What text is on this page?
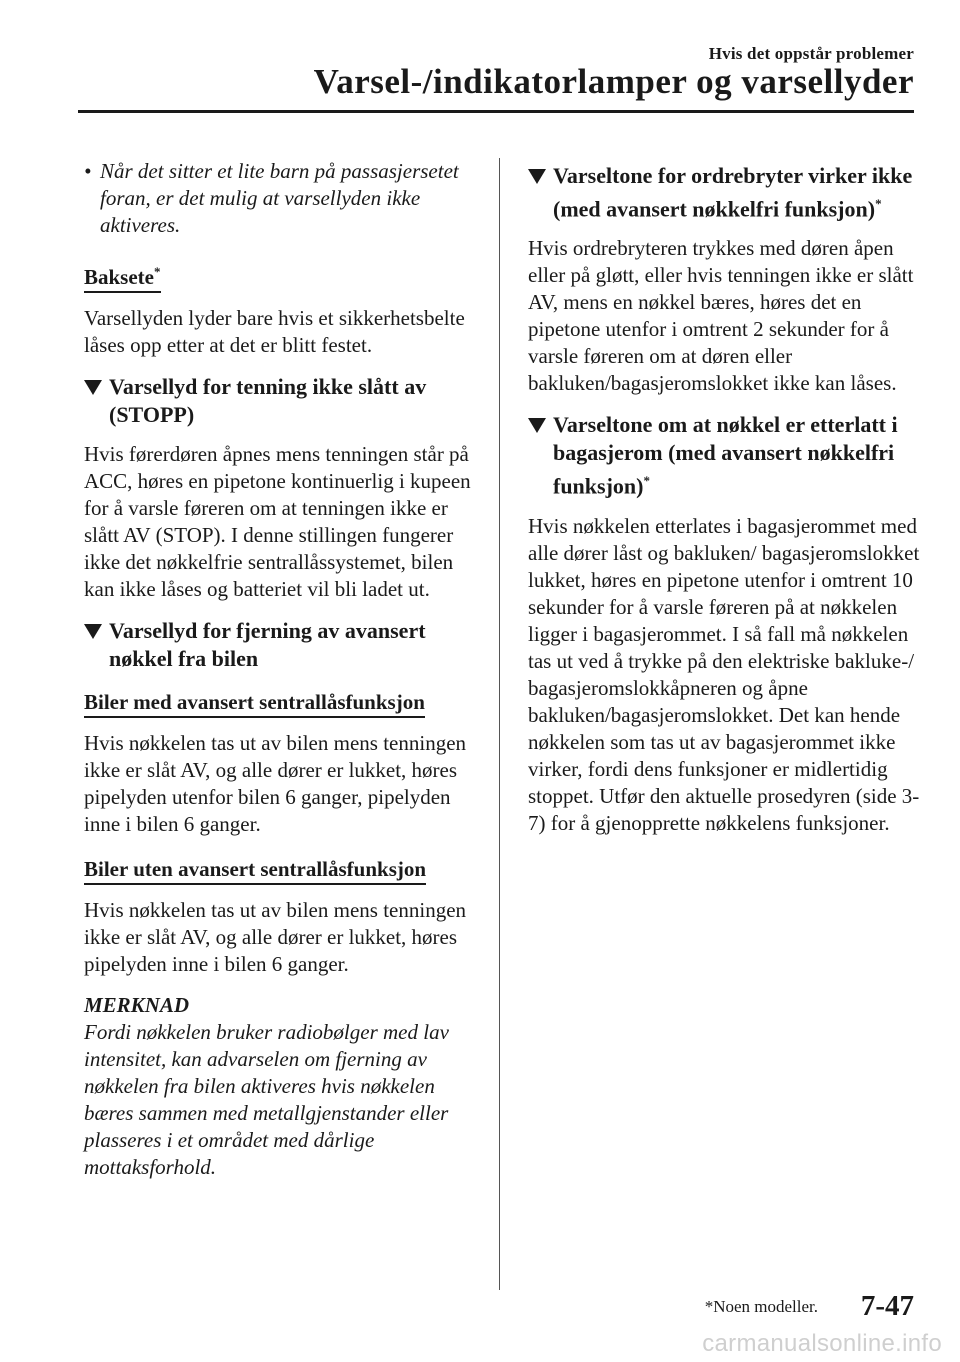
Hvis det oppstår problemer
Varsel-/indikatorlamper og varsellyder
• Når det sitter et lite barn på passasjersetet foran, er det mulig at varsellyden ikke aktiveres.
Baksete*

Varsellyden lyder bare hvis et sikkerhetsbelte låses opp etter at det er blitt festet.

Varsellyd for tenning ikke slått av (STOPP)

Hvis førerdøren åpnes mens tenningen står på ACC, høres en pipetone kontinuerlig i kupeen for å varsle føreren om at tenningen ikke er slått AV (STOP). I denne stillingen fungerer ikke det nøkkelfrie sentrallåssystemet, bilen kan ikke låses og batteriet vil bli ladet ut.

Varsellyd for fjerning av avansert nøkkel fra bilen
Biler med avansert sentrallåsfunksjon

Hvis nøkkelen tas ut av bilen mens tenningen ikke er slåt AV, og alle dører er lukket, høres pipelyden utenfor bilen 6 ganger, pipelyden inne i bilen 6 ganger.

Biler uten avansert sentrallåsfunksjon

Hvis nøkkelen tas ut av bilen mens tenningen ikke er slåt AV, og alle dører er lukket, høres pipelyden inne i bilen 6 ganger.

MERKNAD

Fordi nøkkelen bruker radiobølger med lav intensitet, kan advarselen om fjerning av nøkkelen fra bilen aktiveres hvis nøkkelen bæres sammen med metallgjenstander eller plasseres i et området med dårlige mottaksforhold.

Varseltone for ordrebryter virker ikke (med avansert nøkkelfri funksjon)*

Hvis ordrebryteren trykkes med døren åpen eller på gløtt, eller hvis tenningen ikke er slått AV, mens en nøkkel bæres, høres det en pipetone utenfor i omtrent 2 sekunder for å varsle føreren om at døren eller bakluken/bagasjeromslokket ikke kan låses.

Varseltone om at nøkkel er etterlatt i bagasjerom (med avansert nøkkelfri funksjon)*

Hvis nøkkelen etterlates i bagasjerommet med alle dører låst og bakluken/ bagasjeromslokket lukket, høres en pipetone utenfor i omtrent 10 sekunder for å varsle føreren på at nøkkelen ligger i bagasjerommet. I så fall må nøkkelen tas ut ved å trykke på den elektriske bakluke-/ bagasjeromslokkåpneren og åpne bakluken/bagasjeromslokket. Det kan hende nøkkelen som tas ut av bagasjerommet ikke virker, fordi dens funksjoner er midlertidig stoppet. Utfør den aktuelle prosedyren (side 3-7) for å gjenopprette nøkkelens funksjoner.

*Noen modeller. 7-47
carmanualsonline.info
